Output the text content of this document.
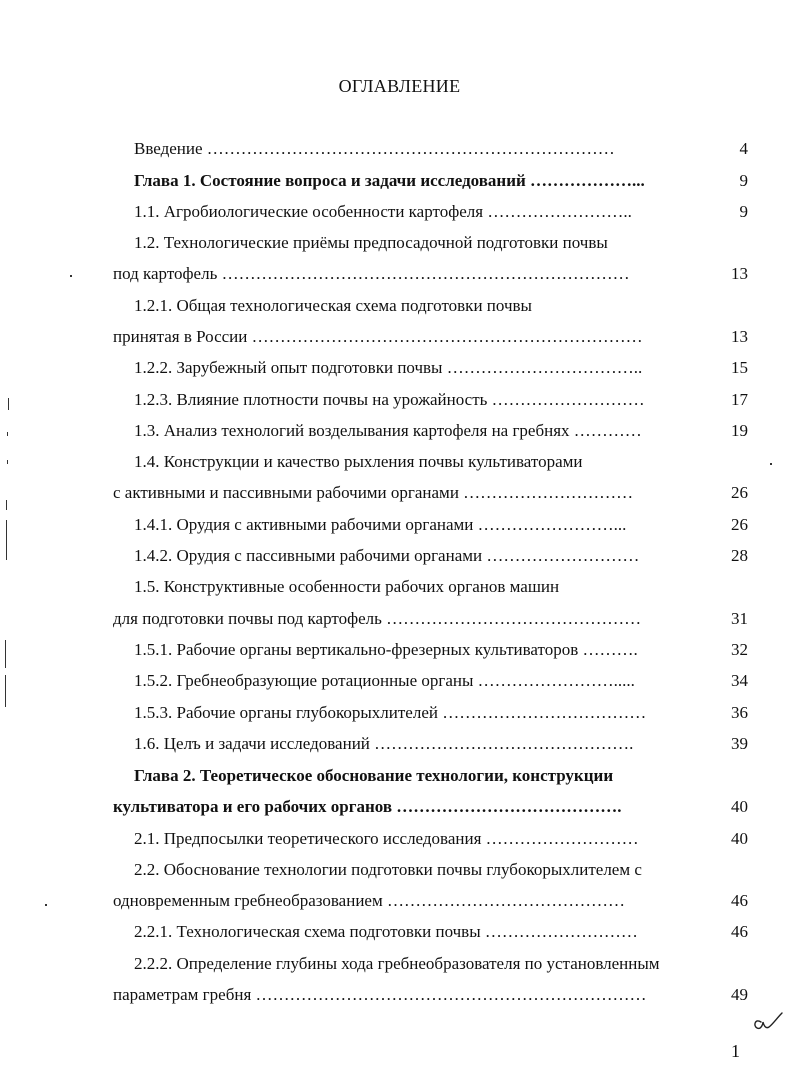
ОГЛАВЛЕНИЕ
Введение ………………………………………………………………	4
Глава 1. Состояние вопроса и задачи исследований ………………...	9
1.1. Агробиологические особенности картофеля ……………………..	9
1.2. Технологические приёмы предпосадочной подготовки почвы
под картофель ………………………………………………………………	13
1.2.1. Общая технологическая схема подготовки почвы
принятая в России ……………………………………………………………	13
1.2.2. Зарубежный опыт подготовки почвы ……………………………..	15
1.2.3. Влияние плотности почвы на урожайность ………………………	17
1.3. Анализ технологий возделывания картофеля на гребнях …………	19
1.4. Конструкции и качество рыхления почвы культиваторами
с активными и пассивными рабочими органами …………………………	26
1.4.1. Орудия с активными рабочими органами ……………………...	26
1.4.2. Орудия с пассивными рабочими органами ………………………	28
1.5. Конструктивные особенности рабочих органов машин
для подготовки почвы под картофель ………………………………………	31
1.5.1. Рабочие органы вертикально-фрезерных культиваторов ……….	32
1.5.2. Гребнеобразующие ротационные органы …………………….....	34
1.5.3. Рабочие органы глубокорыхлителей ………………………………	36
1.6. Целъ и задачи исследований ……………………………………….	39
Глава 2. Теоретическое обоснование технологии, конструкции
культиватора и его рабочих органов ………………………………….	40
2.1. Предпосылки теоретического исследования ………………………	40
2.2. Обоснование технологии подготовки почвы глубокорыхлителем с
одновременным гребнеобразованием ……………………………………	46
2.2.1. Технологическая схема подготовки почвы ………………………	46
2.2.2. Определение глубины хода гребнеобразователя по установленным
параметрам гребня ……………………………………………………………	49
1
